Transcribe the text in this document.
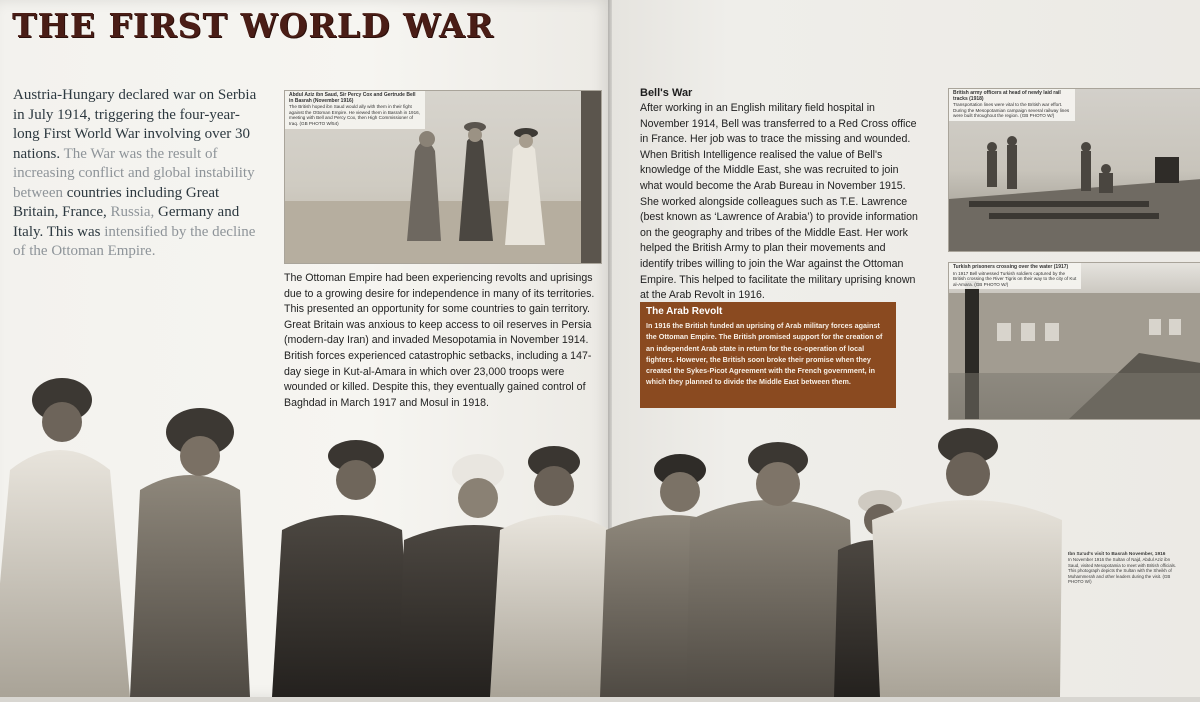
THE FIRST WORLD WAR

Austria-Hungary declared war on Serbia in July 1914, triggering the four-year-long First World War involving over 30 nations. The War was the result of increasing conflict and global instability between countries including Great Britain, France, Russia, Germany and Italy. This was intensified by the decline of the Ottoman Empire.

Abdul Aziz ibn Saud, Sir Percy Cox and Gertrude Bell in Basrah (November 1916)
The British hoped ibn Saud would ally with them in their fight against the Ottoman Empire. He viewed them in Basrah in 1916, meeting with Bell and Percy Cox, then High Commissioner of Iraq. (GB PHOTO W/54)

The Ottoman Empire had been experiencing revolts and uprisings due to a growing desire for independence in many of its territories. This presented an opportunity for some countries to gain territory. Great Britain was anxious to keep access to oil reserves in Persia (modern-day Iran) and invaded Mesopotamia in November 1914. British forces experienced catastrophic setbacks, including a 147-day siege in Kut-al-Amara in which over 23,000 troops were wounded or killed. Despite this, they eventually gained control of Baghdad in March 1917 and Mosul in 1918.

Bell's War

After working in an English military field hospital in November 1914, Bell was transferred to a Red Cross office in France. Her job was to trace the missing and wounded. When British Intelligence realised the value of Bell's knowledge of the Middle East, she was recruited to join what would become the Arab Bureau in November 1915. She worked alongside colleagues such as T.E. Lawrence (best known as ‘Lawrence of Arabia’) to provide information on the geography and tribes of the Middle East. Her work helped the British Army to plan their movements and identify tribes willing to join the War against the Ottoman Empire. This helped to facilitate the military uprising known at the Arab Revolt in 1916.

The Arab Revolt

In 1916 the British funded an uprising of Arab military forces against the Ottoman Empire. The British promised support for the creation of an independent Arab state in return for the co-operation of local fighters. However, the British soon broke their promise when they created the Sykes-Picot Agreement with the French government, in which they planned to divide the Middle East between them.

British army officers at head of newly laid rail tracks (1918)
Transportation lines were vital to the British war effort. During the Mesopotamian campaign several railway lines were built throughout the region. (GB PHOTO W/)
Turkish prisoners crossing over the water (1917)
In 1917 Bell witnessed Turkish soldiers captured by the British crossing the River Tigris on their way to the city of Kut al-Amara. (GB PHOTO W/)
Ibn Sa'ud's visit to Basrah November, 1916
In November 1916 the Sultan of Najd, Abdul Aziz ibn Saud, visited Mesopotamia to meet with British officials. This photograph depicts the Sultan with the Sheikh of Muhammerah and other leaders during the visit. (GB PHOTO W/)
